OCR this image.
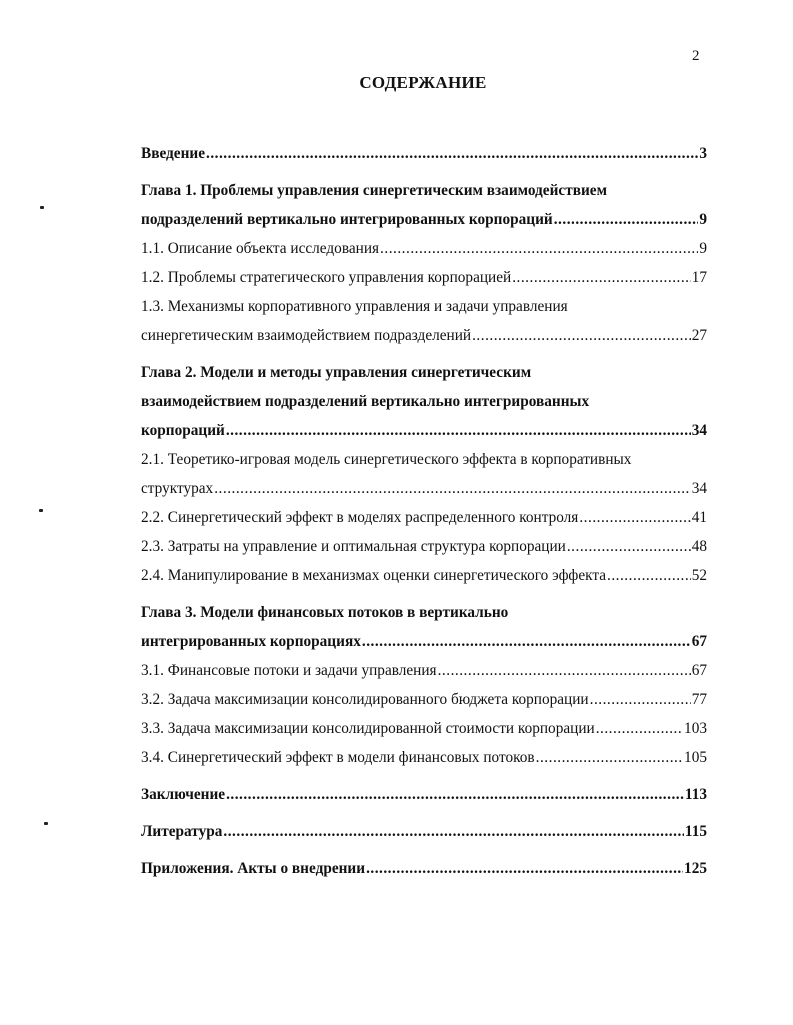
2
СОДЕРЖАНИЕ
Введение .....	3
Глава 1. Проблемы управления синергетическим взаимодействием
подразделений вертикально интегрированных корпораций .....	9
1.1. Описание объекта исследования .....	9
1.2. Проблемы стратегического управления корпорацией .....	17
1.3. Механизмы корпоративного управления и задачи управления
синергетическим взаимодействием подразделений .....	27
Глава 2. Модели и методы управления синергетическим
взаимодействием подразделений вертикально интегрированных
корпораций .....	34
2.1. Теоретико-игровая модель синергетического эффекта в корпоративных
структурах .....	34
2.2. Синергетический эффект в моделях распределенного контроля .....	41
2.3. Затраты на управление и оптимальная структура корпорации .....	48
2.4. Манипулирование в механизмах оценки синергетического эффекта .....	52
Глава 3. Модели финансовых потоков в вертикально
интегрированных корпорациях .....	67
3.1. Финансовые потоки и задачи управления .....	67
3.2. Задача максимизации консолидированного бюджета корпорации .....	77
3.3. Задача максимизации консолидированной стоимости корпорации .....	103
3.4. Синергетический эффект в модели финансовых потоков .....	105
Заключение .....	113
Литература .....	115
Приложения. Акты о внедрении .....	125
